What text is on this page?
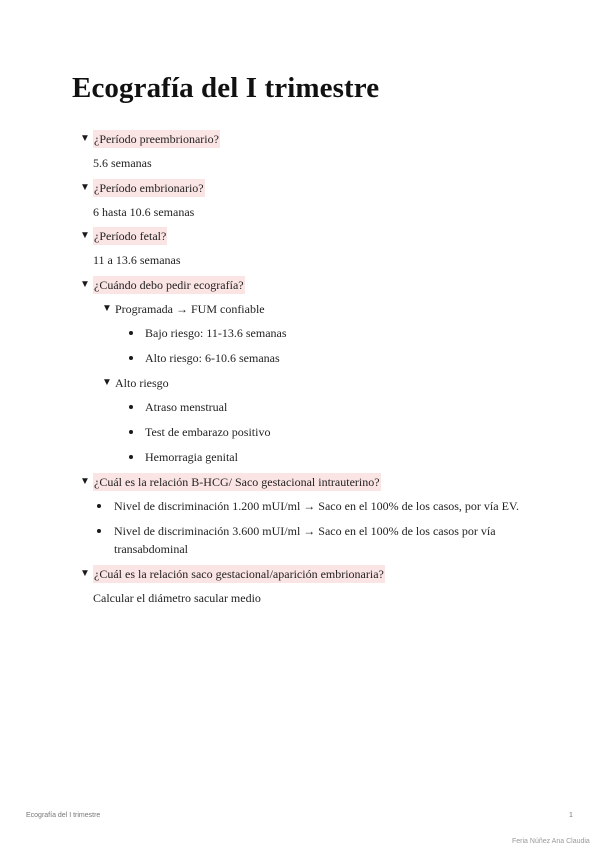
Ecografía del I trimestre
▼ ¿Período preembrionario?

5.6 semanas

▼ ¿Período embrionario?

6 hasta 10.6 semanas

▼ ¿Período fetal?

11 a 13.6 semanas

▼ ¿Cuándo debo pedir ecografía?
▼ Programada → FUM confiable
Bajo riesgo: 11-13.6 semanas
Alto riesgo: 6-10.6 semanas
▼ Alto riesgo
Atraso menstrual
Test de embarazo positivo
Hemorragia genital
▼ ¿Cuál es la relación B-HCG/ Saco gestacional intrauterino?
Nivel de discriminación 1.200 mUI/ml → Saco en el 100% de los casos, por vía EV.
Nivel de discriminación 3.600 mUI/ml → Saco en el 100% de los casos por vía transabdominal
▼ ¿Cuál es la relación saco gestacional/aparición embrionaria?

Calcular el diámetro sacular medio

Ecografía del I trimestre	1
Feria Núñez Ana Claudia
